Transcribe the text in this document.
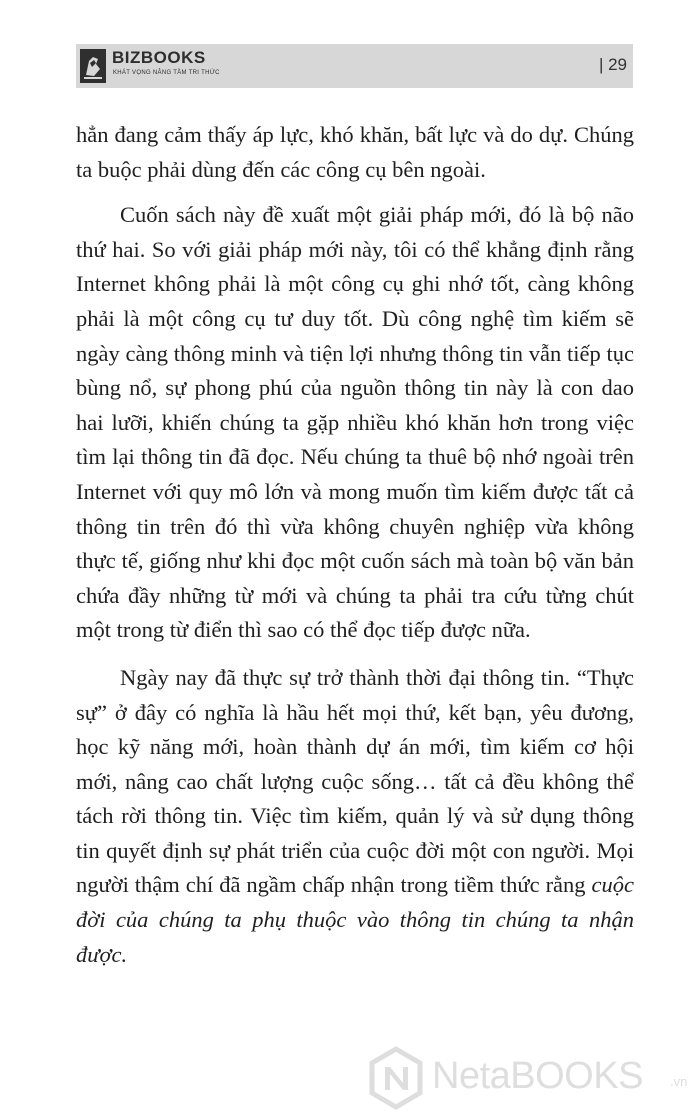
BIZBOOKS
KHÁT VỌNG NÂNG TẦM TRI THỨC	| 29

hẳn đang cảm thấy áp lực, khó khăn, bất lực và do dự. Chúng ta buộc phải dùng đến các công cụ bên ngoài.

Cuốn sách này đề xuất một giải pháp mới, đó là bộ não thứ hai. So với giải pháp mới này, tôi có thể khẳng định rằng Internet không phải là một công cụ ghi nhớ tốt, càng không phải là một công cụ tư duy tốt. Dù công nghệ tìm kiếm sẽ ngày càng thông minh và tiện lợi nhưng thông tin vẫn tiếp tục bùng nổ, sự phong phú của nguồn thông tin này là con dao hai lưỡi, khiến chúng ta gặp nhiều khó khăn hơn trong việc tìm lại thông tin đã đọc. Nếu chúng ta thuê bộ nhớ ngoài trên Internet với quy mô lớn và mong muốn tìm kiếm được tất cả thông tin trên đó thì vừa không chuyên nghiệp vừa không thực tế, giống như khi đọc một cuốn sách mà toàn bộ văn bản chứa đầy những từ mới và chúng ta phải tra cứu từng chút một trong từ điển thì sao có thể đọc tiếp được nữa.

Ngày nay đã thực sự trở thành thời đại thông tin. “Thực sự” ở đây có nghĩa là hầu hết mọi thứ, kết bạn, yêu đương, học kỹ năng mới, hoàn thành dự án mới, tìm kiếm cơ hội mới, nâng cao chất lượng cuộc sống… tất cả đều không thể tách rời thông tin. Việc tìm kiếm, quản lý và sử dụng thông tin quyết định sự phát triển của cuộc đời một con người. Mọi người thậm chí đã ngầm chấp nhận trong tiềm thức rằng cuộc đời của chúng ta phụ thuộc vào thông tin chúng ta nhận được.

NetaBOOKS .vn
